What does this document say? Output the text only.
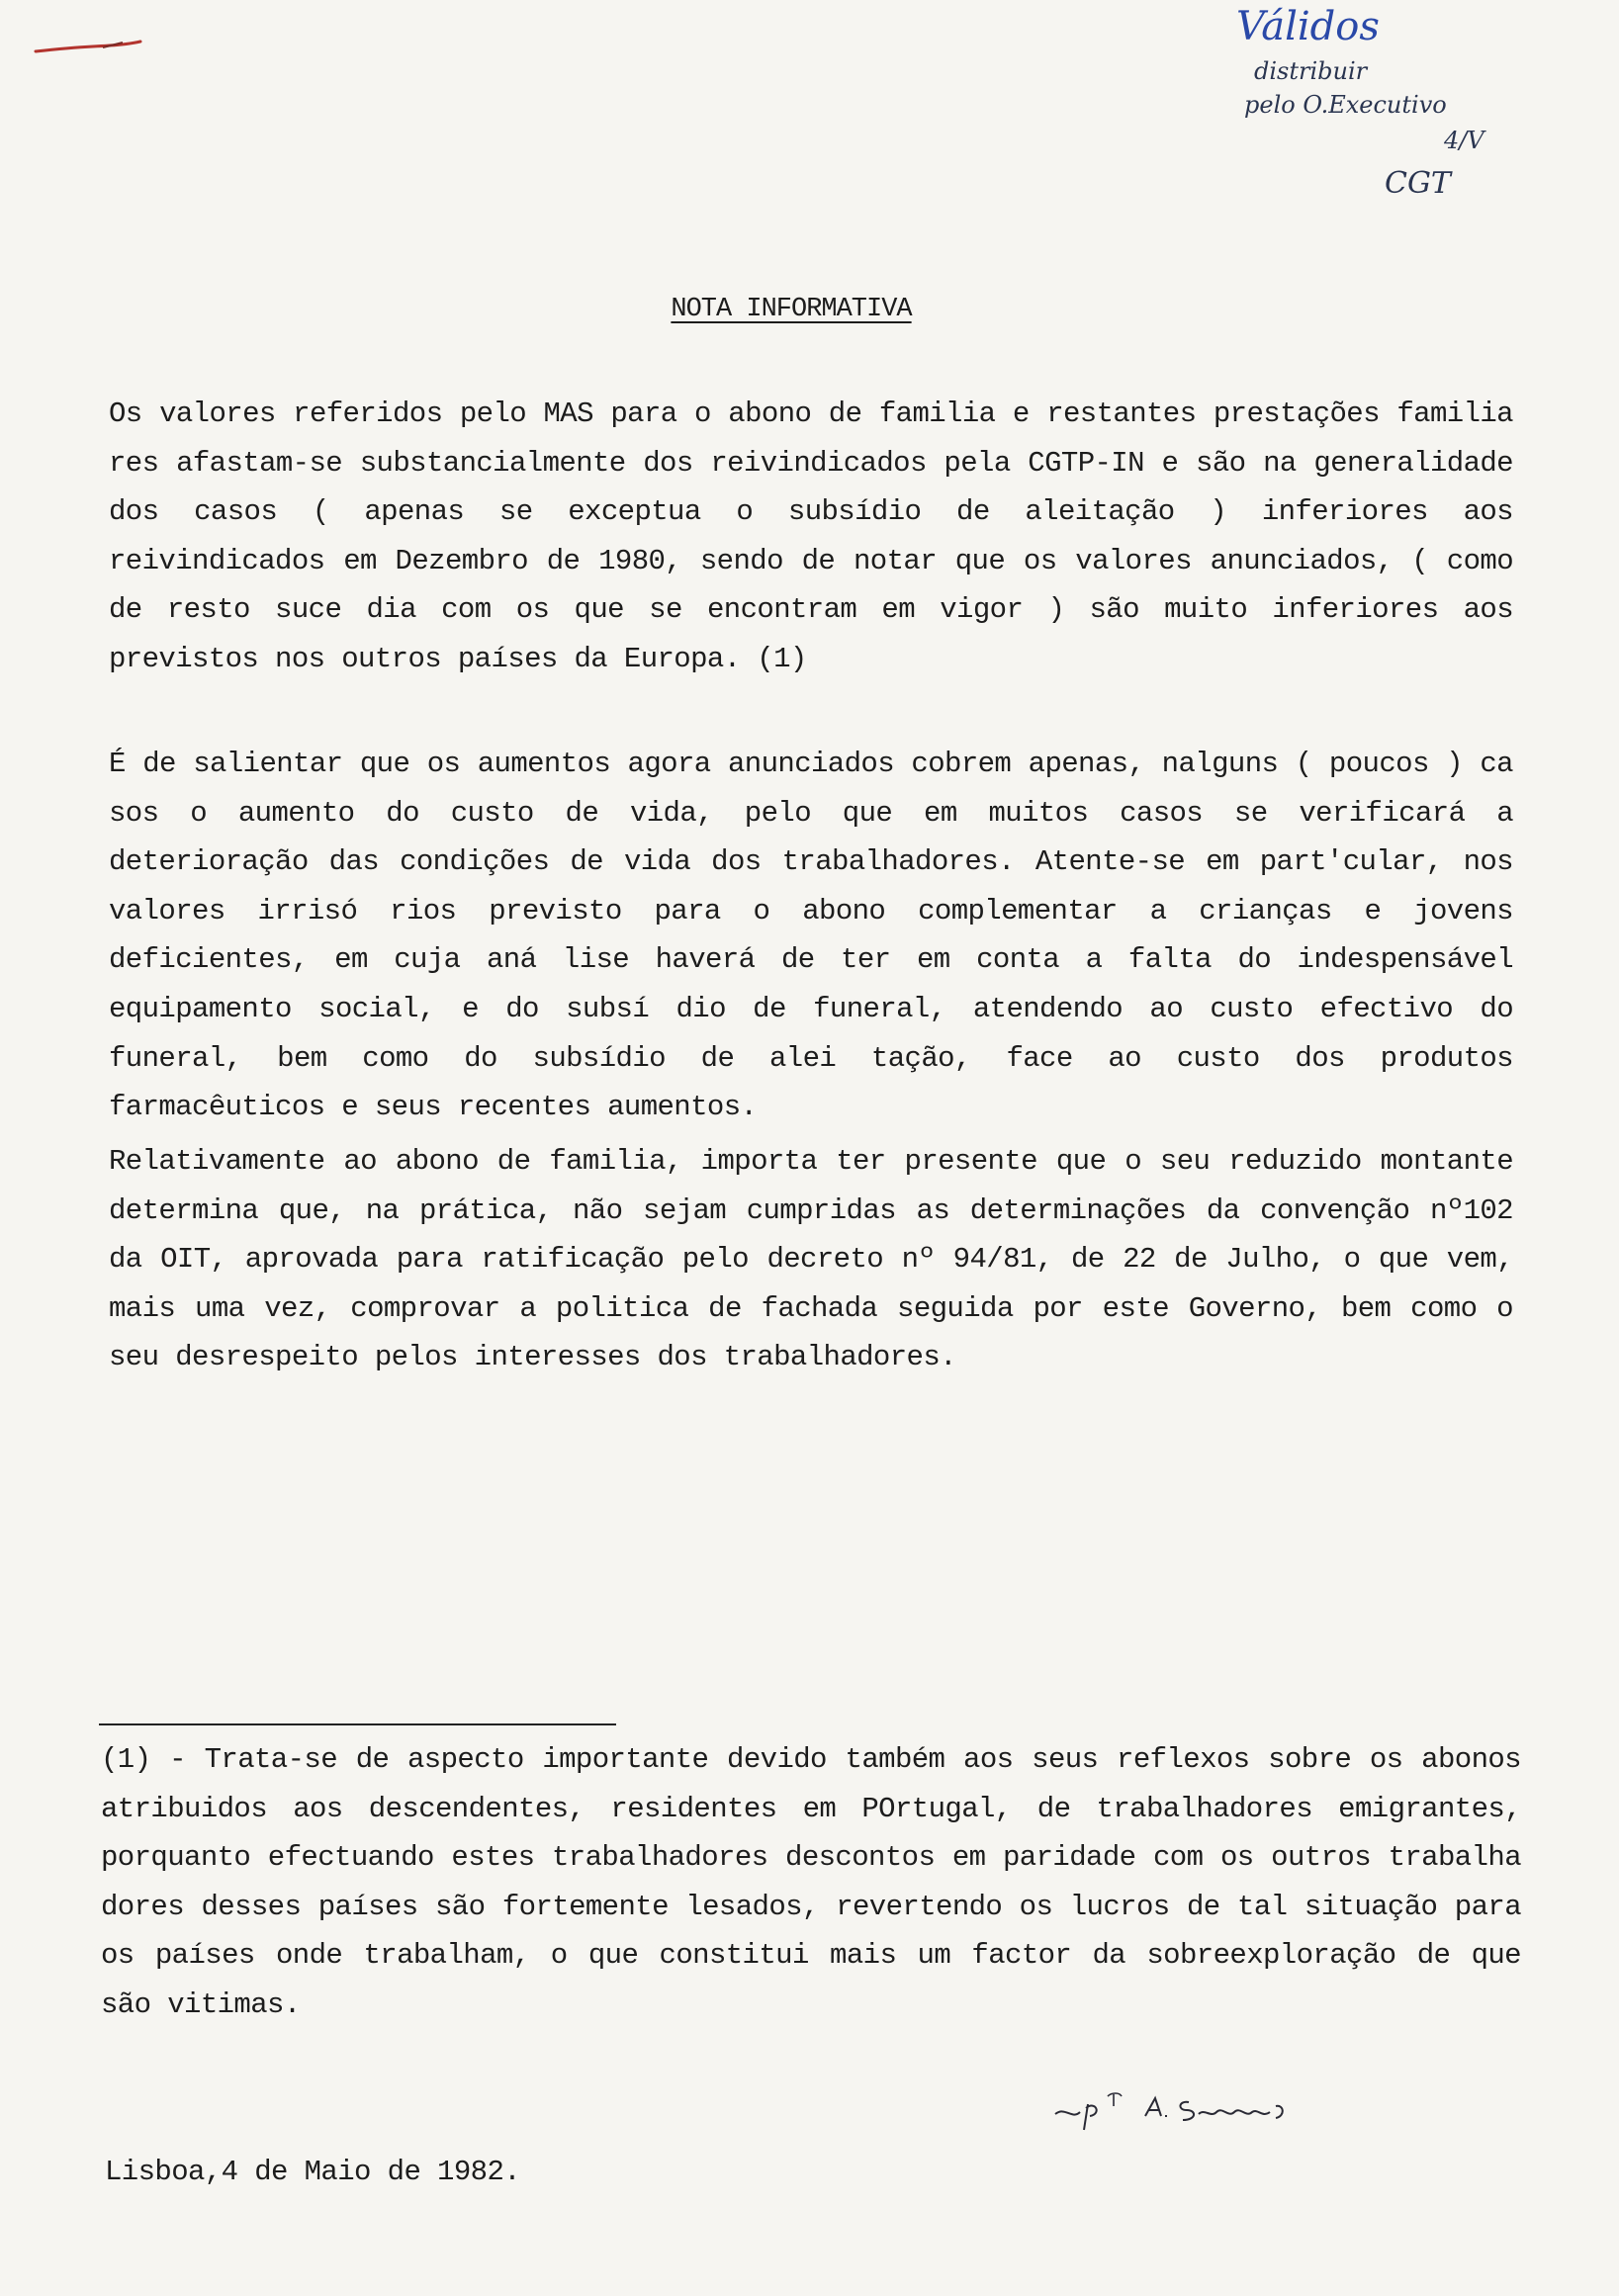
Válidos
distribuir
pelo O.Executivo
4/V
CGT
NOTA INFORMATIVA
Os valores referidos pelo MAS para o abono de familia e restantes prestações familia res afastam-se substancialmente dos reivindicados pela CGTP-IN e são na generalidade dos casos ( apenas se exceptua o subsídio de aleitação ) inferiores aos reivindicados em Dezembro de 1980, sendo de notar que os valores anunciados, ( como de resto suce dia com os que se encontram em vigor ) são muito inferiores aos previstos nos outros países da Europa. (1)
É de salientar que os aumentos agora anunciados cobrem apenas, nalguns ( poucos ) ca sos o aumento do custo de vida, pelo que em muitos casos se verificará a deterioração das condições de vida dos trabalhadores. Atente-se em part'cular, nos valores irrisó rios previsto para o abono complementar a crianças e jovens deficientes, em cuja aná lise haverá de ter em conta a falta do indespensável equipamento social, e do subsí dio de funeral, atendendo ao custo efectivo do funeral, bem como do subsídio de alei tação, face ao custo dos produtos farmacêuticos e seus recentes aumentos.
Relativamente ao abono de familia, importa ter presente que o seu reduzido montante determina que, na prática, não sejam cumpridas as determinações da convenção nº102 da OIT, aprovada para ratificação pelo decreto nº 94/81, de 22 de Julho, o que vem, mais uma vez, comprovar a politica de fachada seguida por este Governo, bem como o seu desrespeito pelos interesses dos trabalhadores.
(1) - Trata-se de aspecto importante devido também aos seus reflexos sobre os abonos atribuidos aos descendentes, residentes em POrtugal, de trabalhadores emigrantes, porquanto efectuando estes trabalhadores descontos em paridade com os outros trabalha dores desses países são fortemente lesados, revertendo os lucros de tal situação para os países onde trabalham, o que constitui mais um factor da sobreexploração de que são vitimas.
Lisboa,4 de Maio de 1982.
